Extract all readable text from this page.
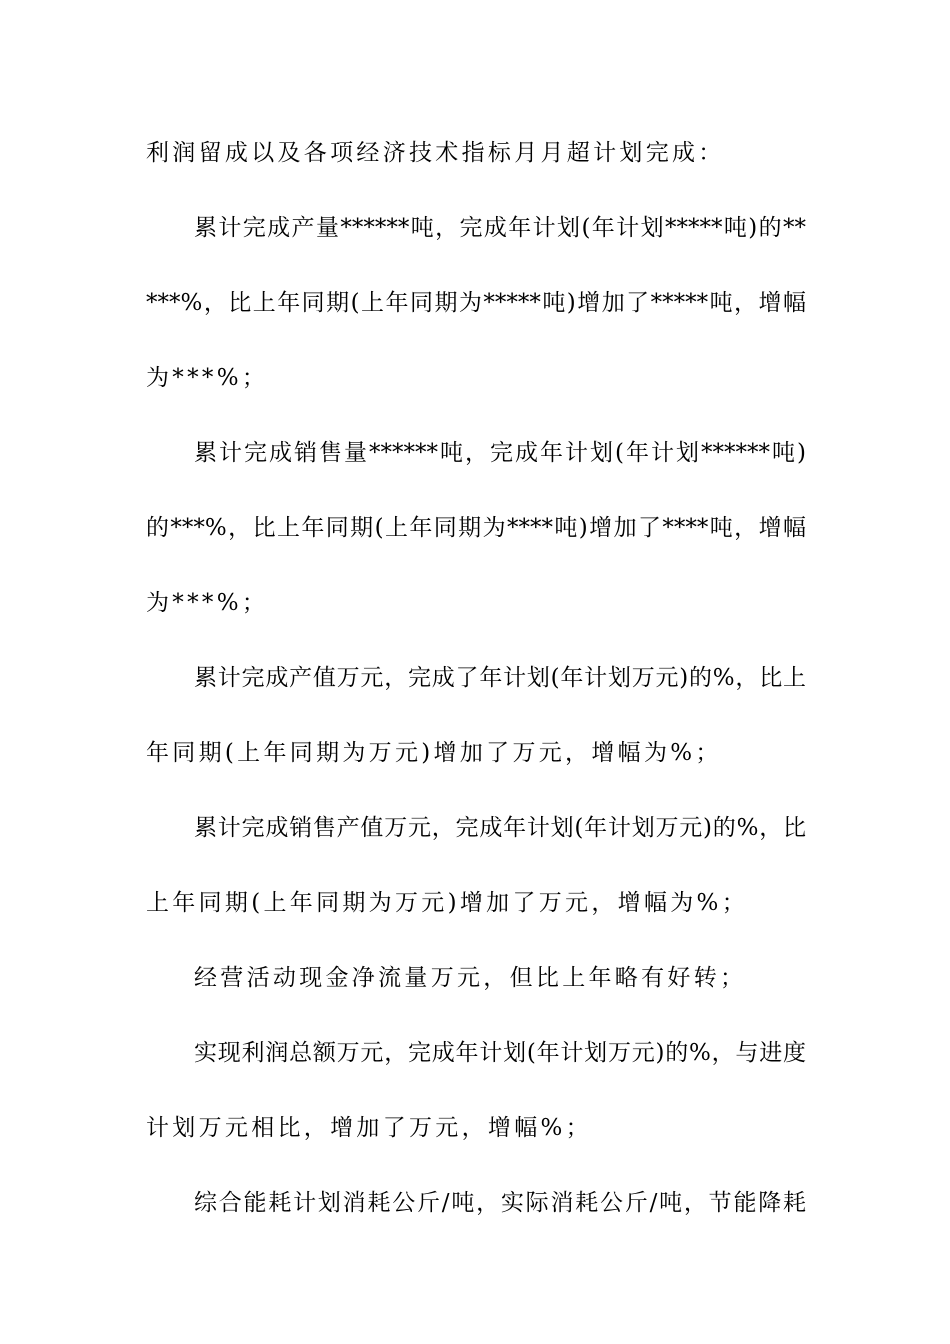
利润留成以及各项经济技术指标月月超计划完成：
累计完成产量******吨，完成年计划(年计划*****吨)的**
***%，比上年同期(上年同期为*****吨)增加了*****吨，增幅
为***%；
累计完成销售量******吨，完成年计划(年计划******吨)
的***%，比上年同期(上年同期为****吨)增加了****吨，增幅
为***%；
累计完成产值万元，完成了年计划(年计划万元)的%，比上
年同期(上年同期为万元)增加了万元，增幅为%；
累计完成销售产值万元，完成年计划(年计划万元)的%，比
上年同期(上年同期为万元)增加了万元，增幅为%；
经营活动现金净流量万元，但比上年略有好转；
实现利润总额万元，完成年计划(年计划万元)的%，与进度
计划万元相比，增加了万元，增幅%；
综合能耗计划消耗公斤/吨，实际消耗公斤/吨，节能降耗
